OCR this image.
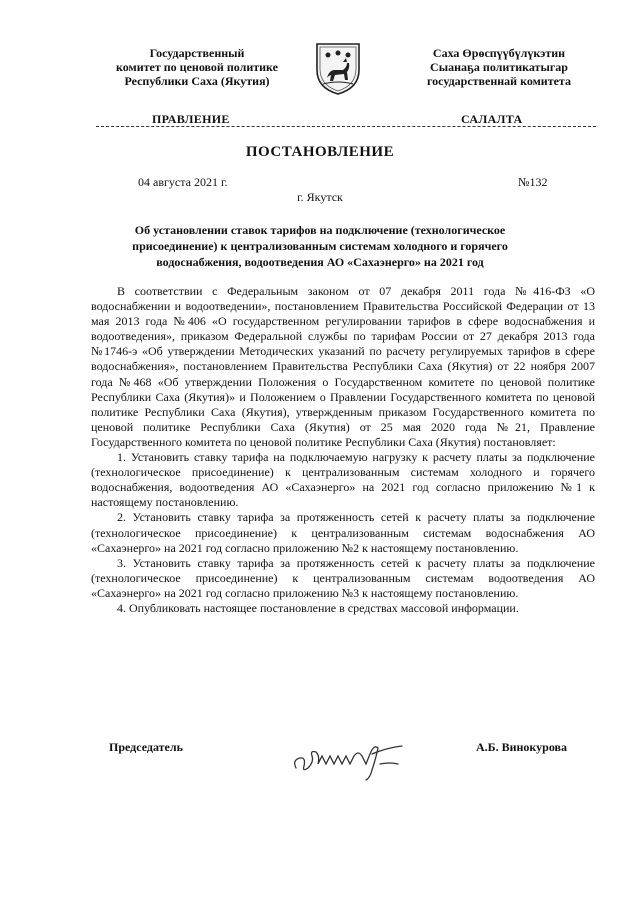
Государственный
комитет по ценовой политике
Республики Саха (Якутия)
Саха Өрөспүүбүлүкэтин
Сыанаҕа политикатыгар
государственнай комитета
ПРАВЛЕНИЕ	САЛАЛТА
ПОСТАНОВЛЕНИЕ
04 августа 2021 г.	№132
г. Якутск
Об установлении ставок тарифов на подключение (технологическое присоединение) к централизованным системам холодного и горячего водоснабжения, водоотведения АО «Сахаэнерго» на 2021 год

В соответствии с Федеральным законом от 07 декабря 2011 года №416-ФЗ «О водоснабжении и водоотведении», постановлением Правительства Российской Федерации от 13 мая 2013 года №406 «О государственном регулировании тарифов в сфере водоснабжения и водоотведения», приказом Федеральной службы по тарифам России от 27 декабря 2013 года №1746-э «Об утверждении Методических указаний по расчету регулируемых тарифов в сфере водоснабжения», постановлением Правительства Республики Саха (Якутия) от 22 ноября 2007 года №468 «Об утверждении Положения о Государственном комитете по ценовой политике Республики Саха (Якутия)» и Положением о Правлении Государственного комитета по ценовой политике Республики Саха (Якутия), утвержденным приказом Государственного комитета по ценовой политике Республики Саха (Якутия) от 25 мая 2020 года №21, Правление Государственного комитета по ценовой политике Республики Саха (Якутия) постановляет:

1. Установить ставку тарифа на подключаемую нагрузку к расчету платы за подключение (технологическое присоединение) к централизованным системам холодного и горячего водоснабжения, водоотведения АО «Сахаэнерго» на 2021 год согласно приложению №1 к настоящему постановлению.

2. Установить ставку тарифа за протяженность сетей к расчету платы за подключение (технологическое присоединение) к централизованным системам водоснабжения АО «Сахаэнерго» на 2021 год согласно приложению №2 к настоящему постановлению.

3. Установить ставку тарифа за протяженность сетей к расчету платы за подключение (технологическое присоединение) к централизованным системам водоотведения АО «Сахаэнерго» на 2021 год согласно приложению №3 к настоящему постановлению.

4. Опубликовать настоящее постановление в средствах массовой информации.

Председатель	А.Б. Винокурова
